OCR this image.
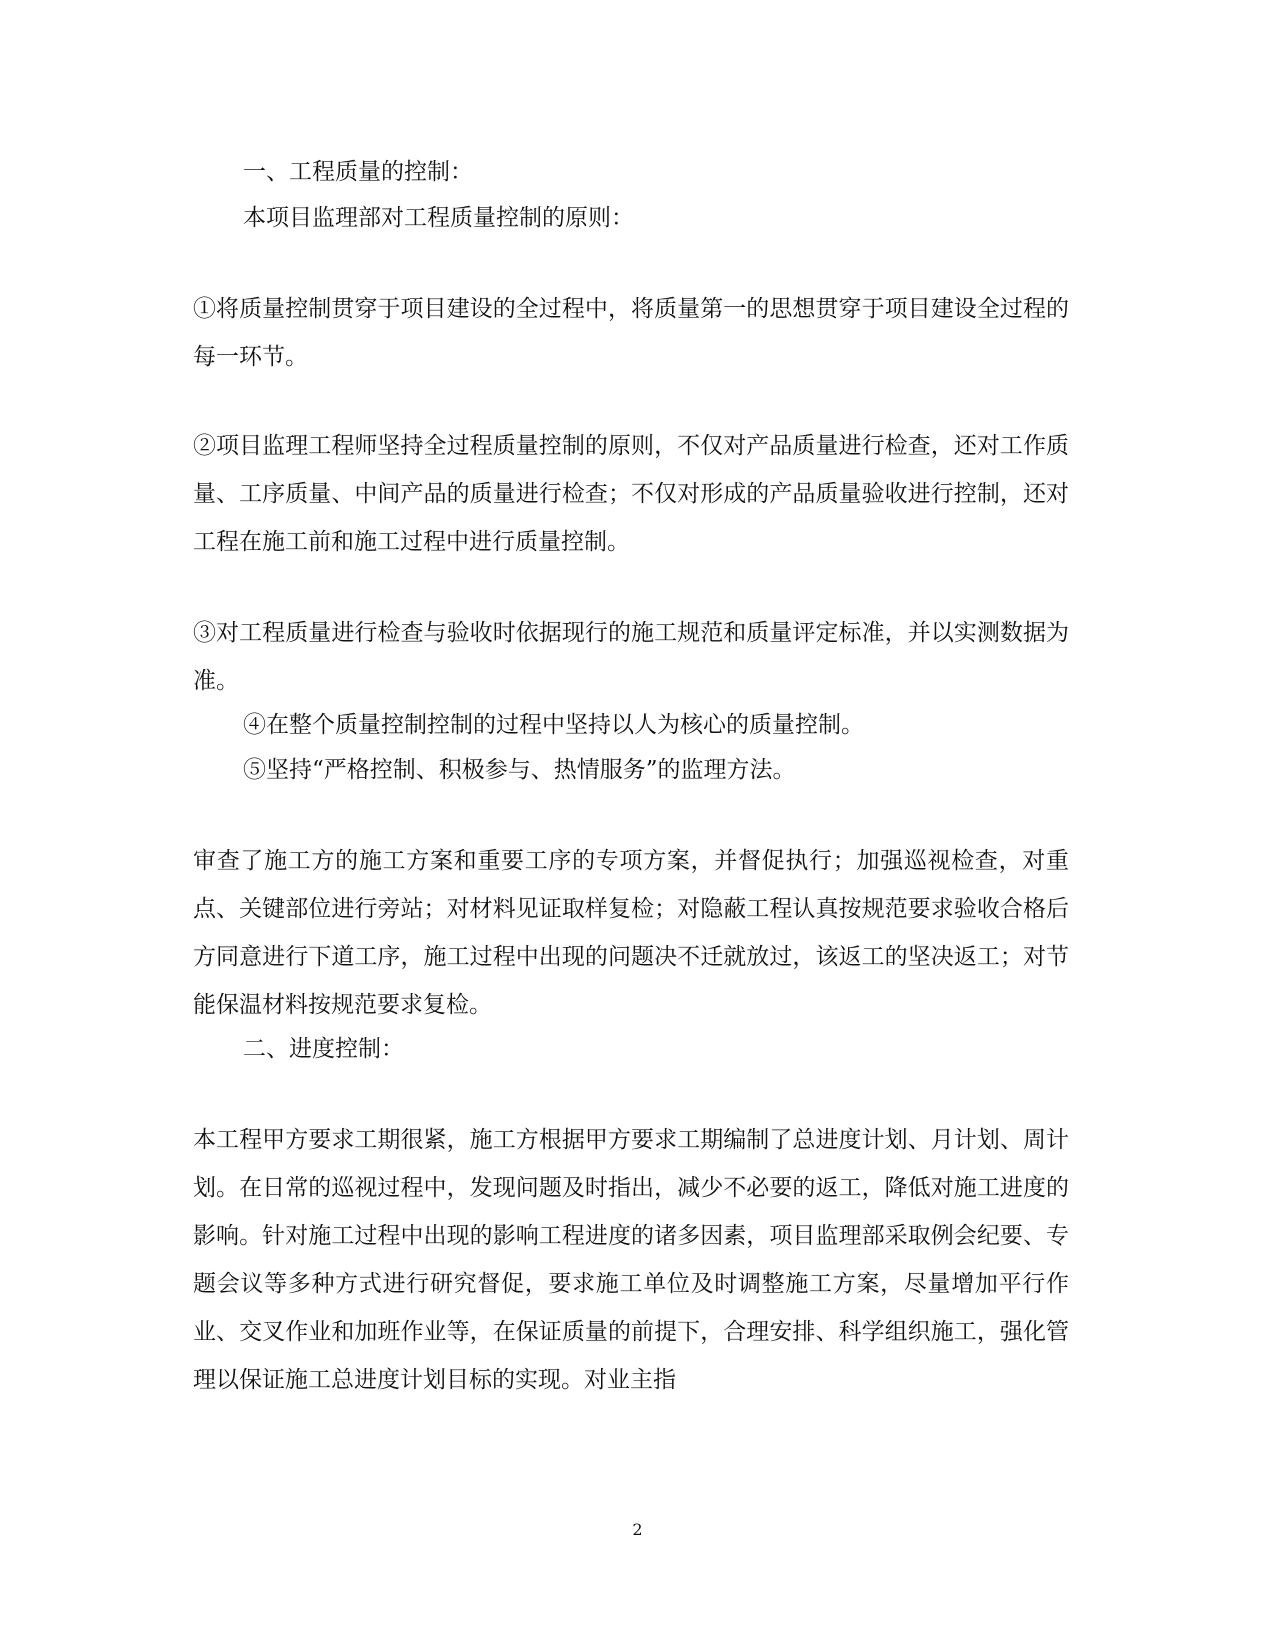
一、工程质量的控制：

本项目监理部对工程质量控制的原则：

①将质量控制贯穿于项目建设的全过程中，将质量第一的思想贯穿于项目建设全过程的每一环节。

②项目监理工程师坚持全过程质量控制的原则，不仅对产品质量进行检查，还对工作质量、工序质量、中间产品的质量进行检查；不仅对形成的产品质量验收进行控制，还对工程在施工前和施工过程中进行质量控制。

③对工程质量进行检查与验收时依据现行的施工规范和质量评定标准，并以实测数据为准。

④在整个质量控制控制的过程中坚持以人为核心的质量控制。

⑤坚持“严格控制、积极参与、热情服务”的监理方法。

审查了施工方的施工方案和重要工序的专项方案，并督促执行；加强巡视检查，对重点、关键部位进行旁站；对材料见证取样复检；对隐蔽工程认真按规范要求验收合格后方同意进行下道工序，施工过程中出现的问题决不迁就放过，该返工的坚决返工；对节能保温材料按规范要求复检。

二、进度控制：

本工程甲方要求工期很紧，施工方根据甲方要求工期编制了总进度计划、月计划、周计划。在日常的巡视过程中，发现问题及时指出，减少不必要的返工，降低对施工进度的影响。针对施工过程中出现的影响工程进度的诸多因素，项目监理部采取例会纪要、专题会议等多种方式进行研究督促，要求施工单位及时调整施工方案，尽量增加平行作业、交叉作业和加班作业等，在保证质量的前提下，合理安排、科学组织施工，强化管理以保证施工总进度计划目标的实现。对业主指

2
